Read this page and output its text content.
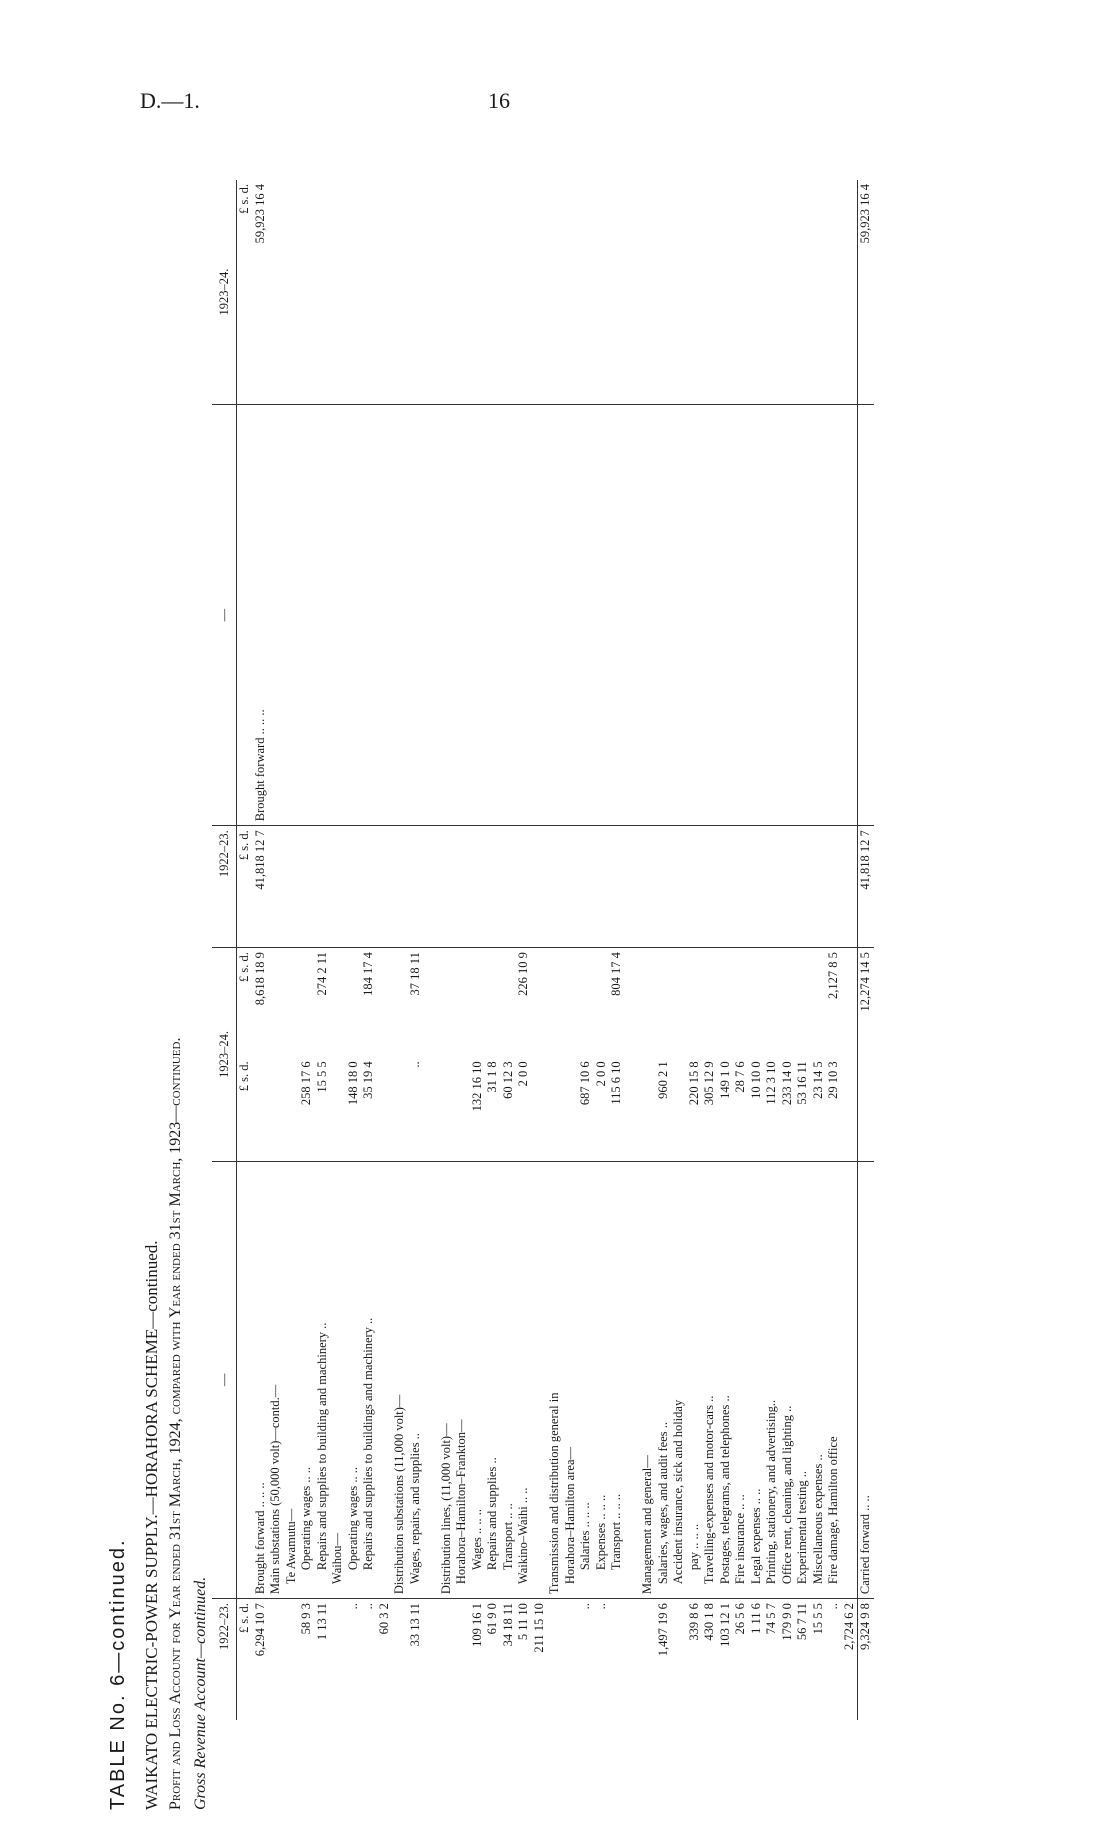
D.—1.	16
TABLE No. 6—continued. WAIKATO ELECTRIC-POWER SUPPLY.—HORAHORA SCHEME—continued. Profit and Loss Account for Year ended 31st March, 1924, compared with Year ended 31st March, 1923—continued. Gross Revenue Account—continued. 1922–23.	—	1923–24.		1922–23.	—	1923–24.	
£ s. d.		£ s. d.	£ s. d.	£ s. d.			£ s. d.
6,294 10 7	Brought forward .. .. ..		8,618 18 9	41,818 12 7	Brought forward .. .. ..		59,923 16 4
	Main substations (50,000 volt)—contd.—						
	Te Awamutu—						
58 9 3	Operating wages .. ..	258 17 6					
1 13 11	Repairs and supplies to building and machinery ..	15 5 5	274 2 11				
	Waihou—						
..	Operating wages .. ..	148 18 0					
..	Repairs and supplies to buildings and machinery ..	35 19 4	184 17 4				
60 3 2							
	Distribution substations (11,000 volt)—						
33 13 11	Wages, repairs, and supplies ..	..	37 18 11				

	Distribution lines, (11,000 volt)—						
	Horahora–Hamilton–Frankton—						
109 16 1	Wages .. .. ..	132 16 10					
61 9 0	Repairs and supplies ..	31 1 8					
34 18 11	Transport .. ..	60 12 3					
5 11 10	Waikino–Waihi .. ..	2 0 0	226 10 9				
211 15 10							
	Transmission and distribution general in						
	Horahora–Hamilton area—						
..	Salaries .. .. ..	687 10 6					
..	Expenses .. .. ..	2 0 0					
	Transport .. .. ..	115 6 10	804 17 4				

	Management and general—						
1,497 19 6	Salaries, wages, and audit fees ..	960 2 1					
	Accident insurance, sick and holiday						
339 8 6	pay .. .. ..	220 15 8					
430 1 8	Travelling-expenses and motor-cars ..	305 12 9					
103 12 1	Postages, telegrams, and telephones ..	149 1 0					
26 5 6	Fire insurance .. ..	28 7 6					
1 11 6	Legal expenses .. ..	10 10 0					
74 5 7	Printing, stationery, and advertising..	112 3 10					
179 9 0	Office rent, cleaning, and lighting ..	233 14 0					
56 7 11	Experimental testing ..	53 16 11					
15 5 5	Miscellaneous expenses ..	23 14 5					
..	Fire damage, Hamilton office	29 10 3	2,127 8 5				
2,724 6 2							
9,324 9 8	Carried forward .. ..		12,274 14 5	41,818 12 7			59,923 16 4
